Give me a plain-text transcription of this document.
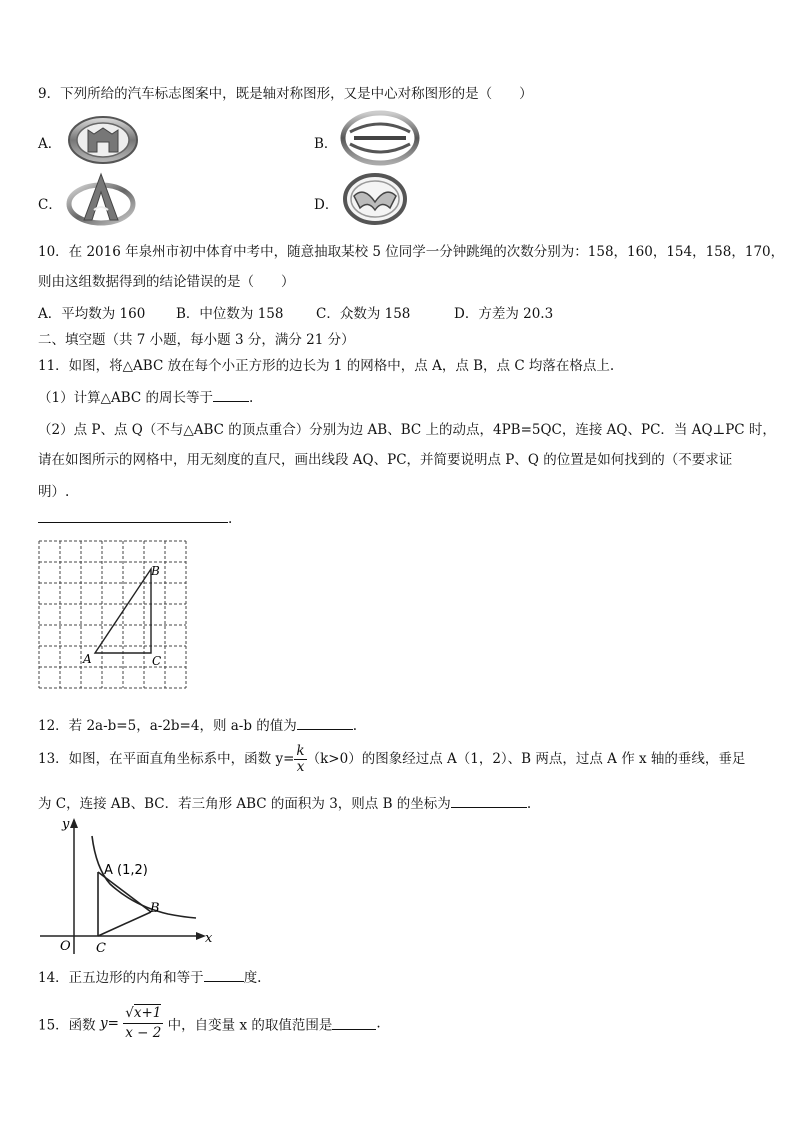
9．下列所给的汽车标志图案中，既是轴对称图形，又是中心对称图形的是（　　）
A．	B．
C．	D．
10．在 2016 年泉州市初中体育中考中，随意抽取某校 5 位同学一分钟跳绳的次数分别为：158，160，154，158，170，
则由这组数据得到的结论错误的是（　　）
A．平均数为 160 B．中位数为 158 C．众数为 158	D．方差为 20.3
二、填空题（共 7 小题，每小题 3 分，满分 21 分）
11．如图，将△ABC 放在每个小正方形的边长为 1 的网格中，点 A，点 B，点 C 均落在格点上.
（1）计算△ABC 的周长等于	.
（2）点 P、点 Q（不与△ABC 的顶点重合）分别为边 AB、BC 上的动点，4PB=5QC，连接 AQ、PC．当 AQ⊥PC 时，
请在如图所示的网格中，用无刻度的直尺，画出线段 AQ、PC，并简要说明点 P、Q 的位置是如何找到的（不要求证
明）.
.
A
B
C
12．若 2a-b=5，a-2b=4，则 a-b 的值为	.
13．如图，在平面直角坐标系中，函数 $y= \frac{k}{x} (k>0)$的图象经过点 A（1，2）、B 两点，过点 A 作 x 轴的垂线，垂足
为 C，连接 AB、BC．若三角形 ABC 的面积为 3，则点 B 的坐标为	.
y
x
O
A (1,2)
B
C
14．正五边形的内角和等于	度.
15．函数 $y= \frac{√x+1}{x - 2}$ 中，自变量 x 的取值范围是	.
